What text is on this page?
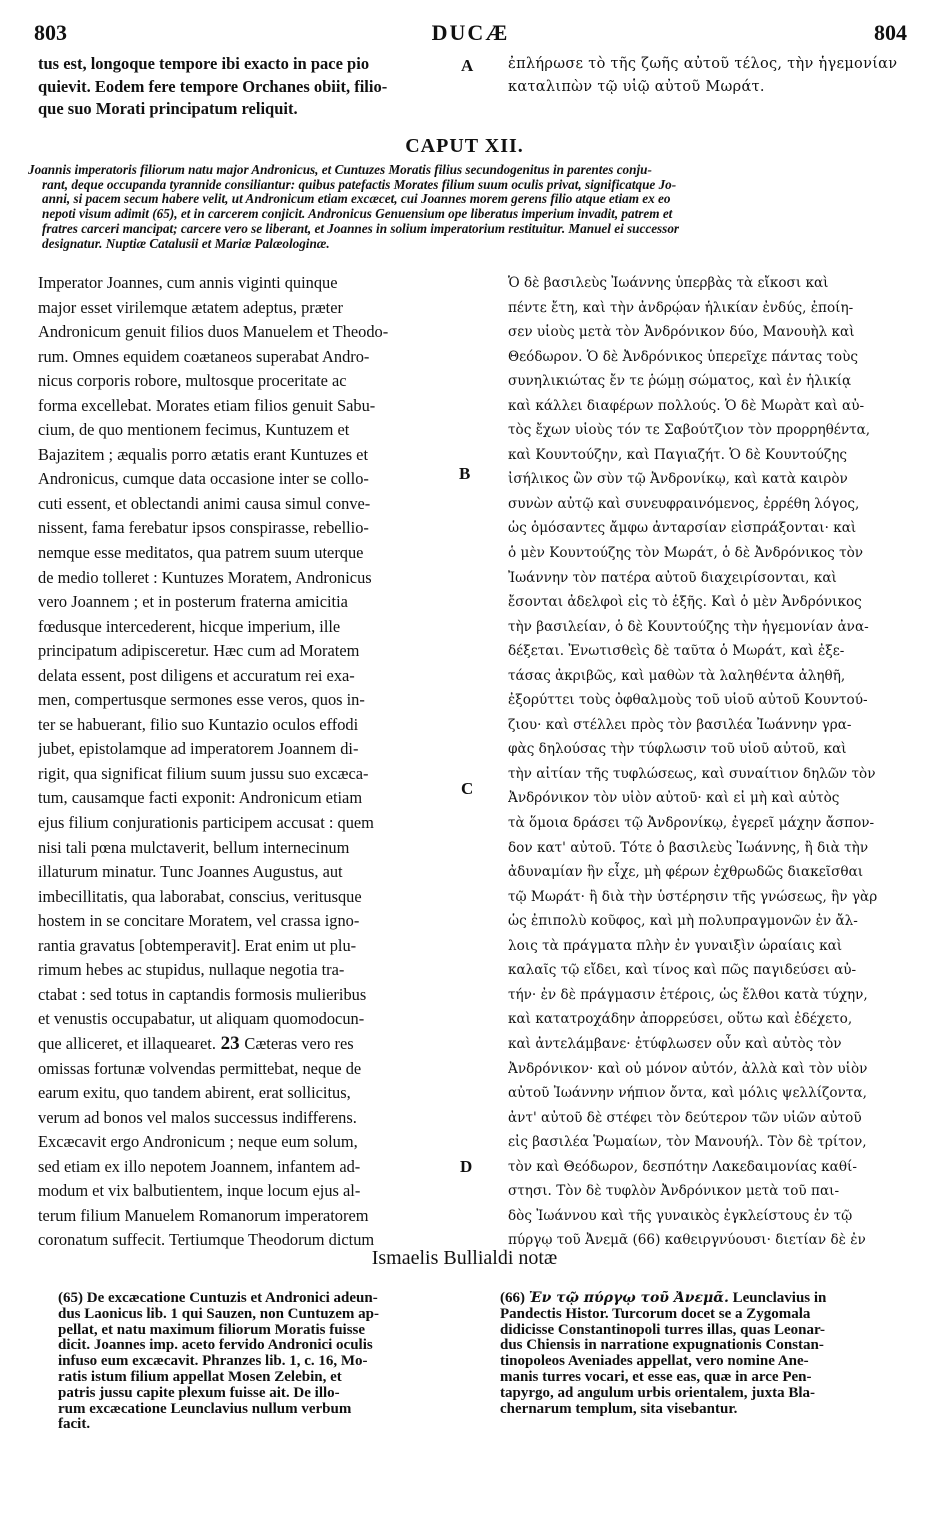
803	DUCÆ	804
tus est, longoque tempore ibi exacto in pace pio
quievit. Eodem fere tempore Orchanes obiit, filio-
que suo Morati principatum reliquit.
ἐπλήρωσε τὸ τῆς ζωῆς αὐτοῦ τέλος, τὴν ἡγεμονίαν
καταλιπὼν τῷ υἱῷ αὐτοῦ Μωράτ.
A
B
C
D
CAPUT XII.
Joannis imperatoris filiorum natu major Andronicus, et Cuntuzes Moratis filius secundogenitus in parentes conju-
rant, deque occupanda tyrannide consiliantur: quibus patefactis Morates filium suum oculis privat, significatque Jo-
anni, si pacem secum habere velit, ut Andronicum etiam excæcet, cui Joannes morem gerens filio atque etiam ex eo
nepoti visum adimit (65), et in carcerem conjicit. Andronicus Genuensium ope liberatus imperium invadit, patrem et
fratres carceri mancipat; carcere vero se liberant, et Joannes in solium imperatorium restituitur. Manuel ei successor
designatur. Nuptiæ Catalusii et Mariæ Palæologinæ.
Imperator Joannes, cum annis viginti quinque
major esset virilemque ætatem adeptus, præter
Andronicum genuit filios duos Manuelem et Theodo-
rum. Omnes equidem coætaneos superabat Andro-
nicus corporis robore, multosque proceritate ac
forma excellebat. Morates etiam filios genuit Sabu-
cium, de quo mentionem fecimus, Kuntuzem et
Bajazitem ; æqualis porro ætatis erant Kuntuzes et
Andronicus, cumque data occasione inter se collo-
cuti essent, et oblectandi animi causa simul conve-
nissent, fama ferebatur ipsos conspirasse, rebellio-
nemque esse meditatos, qua patrem suum uterque
de medio tolleret : Kuntuzes Moratem, Andronicus
vero Joannem ; et in posterum fraterna amicitia
fœdusque intercederent, hicque imperium, ille
principatum adipisceretur. Hæc cum ad Moratem
delata essent, post diligens et accuratum rei exa-
men, compertusque sermones esse veros, quos in-
ter se habuerant, filio suo Kuntazio oculos effodi
jubet, epistolamque ad imperatorem Joannem di-
rigit, qua significat filium suum jussu suo excæca-
tum, causamque facti exponit: Andronicum etiam
ejus filium conjurationis participem accusat : quem
nisi tali pœna mulctaverit, bellum internecinum
illaturum minatur. Tunc Joannes Augustus, aut
imbecillitatis, qua laborabat, conscius, veritusque
hostem in se concitare Moratem, vel crassa igno-
rantia gravatus [obtemperavit]. Erat enim ut plu-
rimum hebes ac stupidus, nullaque negotia tra-
ctabat : sed totus in captandis formosis mulieribus
et venustis occupabatur, ut aliquam quomodocun-
que alliceret, et illaquearet. 23 Cæteras vero res
omissas fortunæ volvendas permittebat, neque de
earum exitu, quo tandem abirent, erat sollicitus,
verum ad bonos vel malos successus indifferens.
Excæcavit ergo Andronicum ; neque eum solum,
sed etiam ex illo nepotem Joannem, infantem ad-
modum et vix balbutientem, inque locum ejus al-
terum filium Manuelem Romanorum imperatorem
coronatum suffecit. Tertiumque Theodorum dictum
Ὁ δὲ βασιλεὺς Ἰωάννης ὑπερβὰς τὰ εἴκοσι καὶ
πέντε ἔτη, καὶ τὴν ἀνδρῴαν ἡλικίαν ἐνδύς, ἐποίη-
σεν υἱοὺς μετὰ τὸν Ἀνδρόνικον δύο, Μανουὴλ καὶ
Θεόδωρον. Ὁ δὲ Ἀνδρόνικος ὑπερεῖχε πάντας τοὺς
συνηλικιώτας ἔν τε ῥώμῃ σώματος, καὶ ἐν ἡλικίᾳ
καὶ κάλλει διαφέρων πολλούς. Ὁ δὲ Μωρὰτ καὶ αὐ-
τὸς ἔχων υἱοὺς τόν τε Σαβούτζιον τὸν προρρηθέντα,
καὶ Κουντούζην, καὶ Παγιαζήτ. Ὁ δὲ Κουντούζης
ἰσήλικος ὢν σὺν τῷ Ἀνδρονίκῳ, καὶ κατὰ καιρὸν
συνὼν αὐτῷ καὶ συνευφραινόμενος, ἐρρέθη λόγος,
ὡς ὁμόσαντες ἄμφω ἀνταρσίαν εἰσπράξονται· καὶ
ὁ μὲν Κουντούζης τὸν Μωράτ, ὁ δὲ Ἀνδρόνικος τὸν
Ἰωάννην τὸν πατέρα αὐτοῦ διαχειρίσονται, καὶ
ἔσονται ἀδελφοὶ εἰς τὸ ἑξῆς. Καὶ ὁ μὲν Ἀνδρόνικος
τὴν βασιλείαν, ὁ δὲ Κουντούζης τὴν ἡγεμονίαν ἀνα-
δέξεται. Ἐνωτισθεὶς δὲ ταῦτα ὁ Μωράτ, καὶ ἐξε-
τάσας ἀκριβῶς, καὶ μαθὼν τὰ λαληθέντα ἀληθῆ,
ἐξορύττει τοὺς ὀφθαλμοὺς τοῦ υἱοῦ αὐτοῦ Κουντού-
ζιου· καὶ στέλλει πρὸς τὸν βασιλέα Ἰωάννην γρα-
φὰς δηλούσας τὴν τύφλωσιν τοῦ υἱοῦ αὐτοῦ, καὶ
τὴν αἰτίαν τῆς τυφλώσεως, καὶ συναίτιον δηλῶν τὸν
Ἀνδρόνικον τὸν υἱὸν αὐτοῦ· καὶ εἰ μὴ καὶ αὐτὸς
τὰ ὅμοια δράσει τῷ Ἀνδρονίκῳ, ἐγερεῖ μάχην ἄσπον-
δον κατ' αὐτοῦ. Τότε ὁ βασιλεὺς Ἰωάννης, ἢ διὰ τὴν
ἀδυναμίαν ἣν εἶχε, μὴ φέρων ἐχθρωδῶς διακεῖσθαι
τῷ Μωράτ· ἢ διὰ τὴν ὑστέρησιν τῆς γνώσεως, ἣν γὰρ
ὡς ἐπιπολὺ κοῦφος, καὶ μὴ πολυπραγμονῶν ἐν ἄλ-
λοις τὰ πράγματα πλὴν ἐν γυναιξὶν ὡραίαις καὶ
καλαῖς τῷ εἴδει, καὶ τίνος καὶ πῶς παγιδεύσει αὐ-
τήν· ἐν δὲ πράγμασιν ἑτέροις, ὡς ἔλθοι κατὰ τύχην,
καὶ κατατροχάδην ἀπορρεύσει, οὕτω καὶ ἐδέχετο,
καὶ ἀντελάμβανε· ἐτύφλωσεν οὖν καὶ αὐτὸς τὸν
Ἀνδρόνικον· καὶ οὐ μόνον αὐτόν, ἀλλὰ καὶ τὸν υἱὸν
αὐτοῦ Ἰωάννην νήπιον ὄντα, καὶ μόλις ψελλίζοντα,
ἀντ' αὐτοῦ δὲ στέφει τὸν δεύτερον τῶν υἱῶν αὐτοῦ
εἰς βασιλέα Ῥωμαίων, τὸν Μανουήλ. Τὸν δὲ τρίτον,
τὸν καὶ Θεόδωρον, δεσπότην Λακεδαιμονίας καθί-
στησι. Τὸν δὲ τυφλὸν Ἀνδρόνικον μετὰ τοῦ παι-
δὸς Ἰωάννου καὶ τῆς γυναικὸς ἐγκλείστους ἐν τῷ
πύργῳ τοῦ Ἀνεμᾶ (66) καθειργνύουσι· διετίαν δὲ ἐν
Ismaelis Bullialdi notæ
(65) De excæcatione Cuntuzis et Andronici adeun-
dus Laonicus lib. 1 qui Sauzen, non Cuntuzem ap-
pellat, et natu maximum filiorum Moratis fuisse
dicit. Joannes imp. aceto fervido Andronici oculis
infuso eum excæcavit. Phranzes lib. 1, c. 16, Mo-
ratis istum filium appellat Mosen Zelebin, et
patris jussu capite plexum fuisse ait. De illo-
rum excæcatione Leunclavius nullum verbum
facit.
(66) Ἐν τῷ πύργῳ τοῦ Ἀνεμᾶ. Leunclavius in
Pandectis Histor. Turcorum docet se a Zygomala
didicisse Constantinopoli turres illas, quas Leonar-
dus Chiensis in narratione expugnationis Constan-
tinopoleos Aveniades appellat, vero nomine Ane-
manis turres vocari, et esse eas, quæ in arce Pen-
tapyrgo, ad angulum urbis orientalem, juxta Bla-
chernarum templum, sita visebantur.
